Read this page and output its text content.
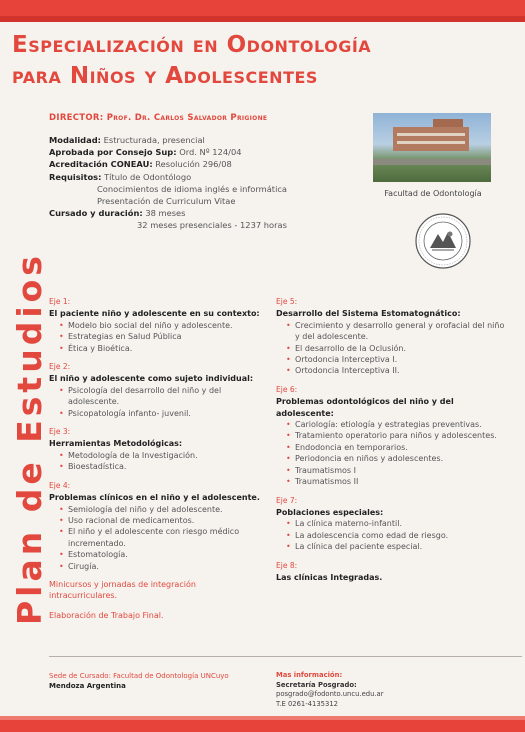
Especialización en Odontología
para Niños y Adolescentes
DIRECTOR: Prof. Dr. Carlos Salvador Prigione
Modalidad: Estructurada, presencial
Aprobada por Consejo Sup: Ord. Nº 124/04
Acreditación CONEAU: Resolución 296/08
Requisitos: Título de Odontólogo
Conocimientos de idioma inglés e informática
Presentación de Curriculum Vitae
Cursado y duración: 38 meses
32 meses presenciales - 1237 horas
Facultad de Odontología
Plan de Estudios Eje 1:
El paciente niño y adolescente en su contexto:
• Modelo bio social del niño y adolescente.
• Estrategias en Salud Pública
• Ética y Bioética.
Eje 2:
El niño y adolescente como sujeto individual:
• Psicología del desarrollo del niño y del adolescente.
• Psicopatología infanto- juvenil.
Eje 3:
Herramientas Metodológicas:
• Metodología de la Investigación.
• Bioestadística.
Eje 4:
Problemas clínicos en el niño y el adolescente.
• Semiología del niño y del adolescente.
• Uso racional de medicamentos.
• El niño y el adolescente con riesgo médico incrementado.
• Estomatología.
• Cirugía.
Minicursos y jornadas de integración intracurriculares.
Elaboración de Trabajo Final.
Eje 5:
Desarrollo del Sistema Estomatognático:
• Crecimiento y desarrollo general y orofacial del niño y del adolescente.
• El desarrollo de la Oclusión.
• Ortodoncia Interceptiva I.
• Ortodoncia Interceptiva II.
Eje 6:
Problemas odontológicos del niño y del adolescente:
• Cariología: etiología y estrategias preventivas.
• Tratamiento operatorio para niños y adolescentes.
• Endodoncia en temporarios.
• Periodoncia en niños y adolescentes.
• Traumatismos I
• Traumatismos II
Eje 7:
Poblaciones especiales:
• La clínica materno-infantil.
• La adolescencia como edad de riesgo.
• La clínica del paciente especial.
Eje 8:
Las clínicas Integradas.
Sede de Cursado: Facultad de Odontología UNCuyo
Mendoza Argentina
Mas información:
Secretaría Posgrado:
posgrado@fodonto.uncu.edu.ar
T.E 0261-4135312
